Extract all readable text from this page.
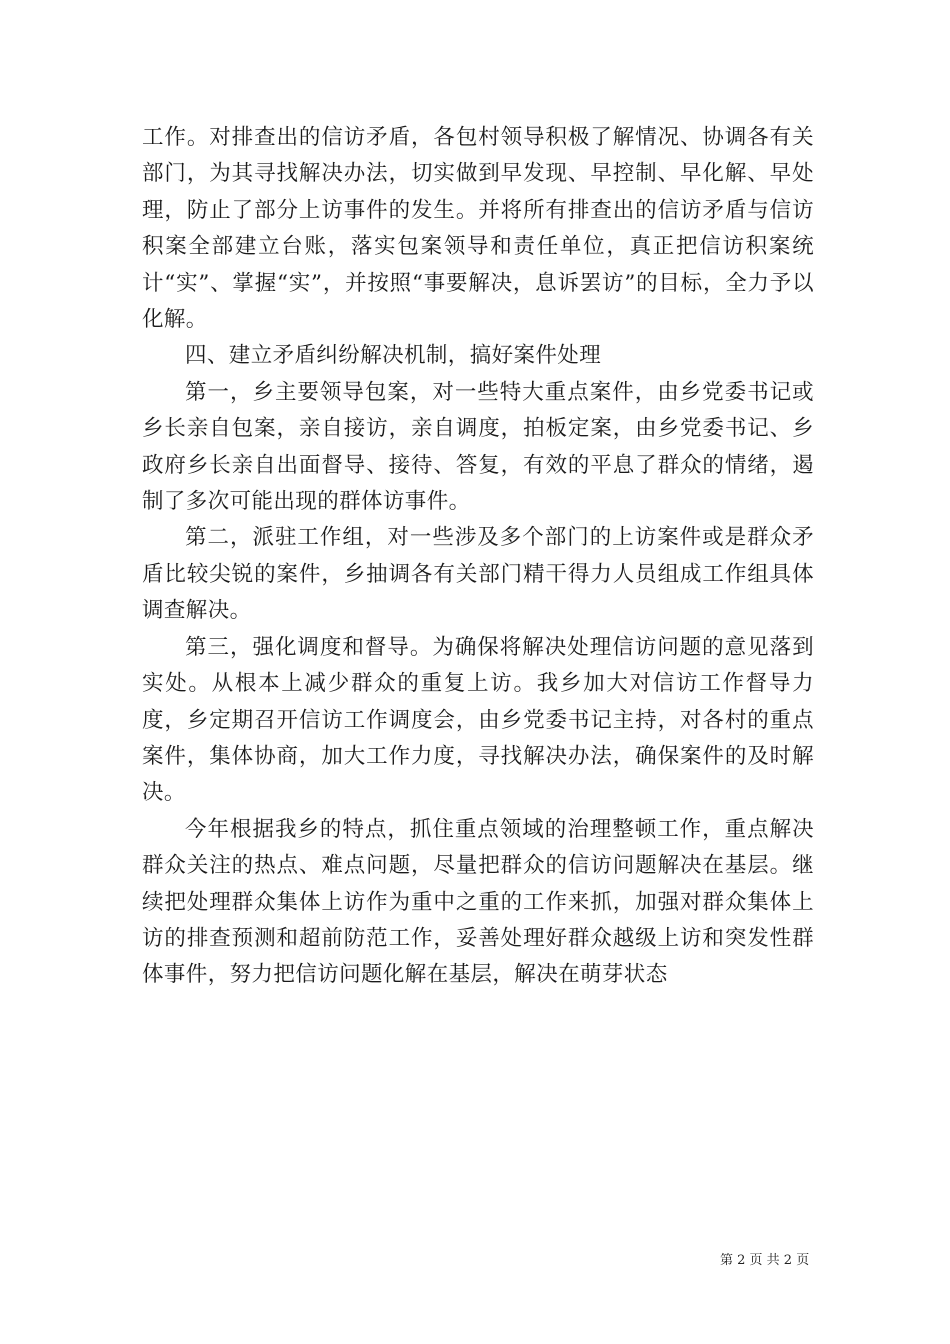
工作。对排查出的信访矛盾，各包村领导积极了解情况、协调各有关部门，为其寻找解决办法，切实做到早发现、早控制、早化解、早处理，防止了部分上访事件的发生。并将所有排查出的信访矛盾与信访积案全部建立台账，落实包案领导和责任单位，真正把信访积案统计“实”、掌握“实”，并按照“事要解决，息诉罢访”的目标，全力予以化解。

四、建立矛盾纠纷解决机制，搞好案件处理

第一，乡主要领导包案，对一些特大重点案件，由乡党委书记或乡长亲自包案，亲自接访，亲自调度，拍板定案，由乡党委书记、乡政府乡长亲自出面督导、接待、答复，有效的平息了群众的情绪，遏制了多次可能出现的群体访事件。

第二，派驻工作组，对一些涉及多个部门的上访案件或是群众矛盾比较尖锐的案件，乡抽调各有关部门精干得力人员组成工作组具体调查解决。

第三，强化调度和督导。为确保将解决处理信访问题的意见落到实处。从根本上减少群众的重复上访。我乡加大对信访工作督导力度，乡定期召开信访工作调度会，由乡党委书记主持，对各村的重点案件，集体协商，加大工作力度，寻找解决办法，确保案件的及时解决。

今年根据我乡的特点，抓住重点领域的治理整顿工作，重点解决群众关注的热点、难点问题，尽量把群众的信访问题解决在基层。继续把处理群众集体上访作为重中之重的工作来抓，加强对群众集体上访的排查预测和超前防范工作，妥善处理好群众越级上访和突发性群体事件，努力把信访问题化解在基层，解决在萌芽状态

第 2 页 共 2 页
